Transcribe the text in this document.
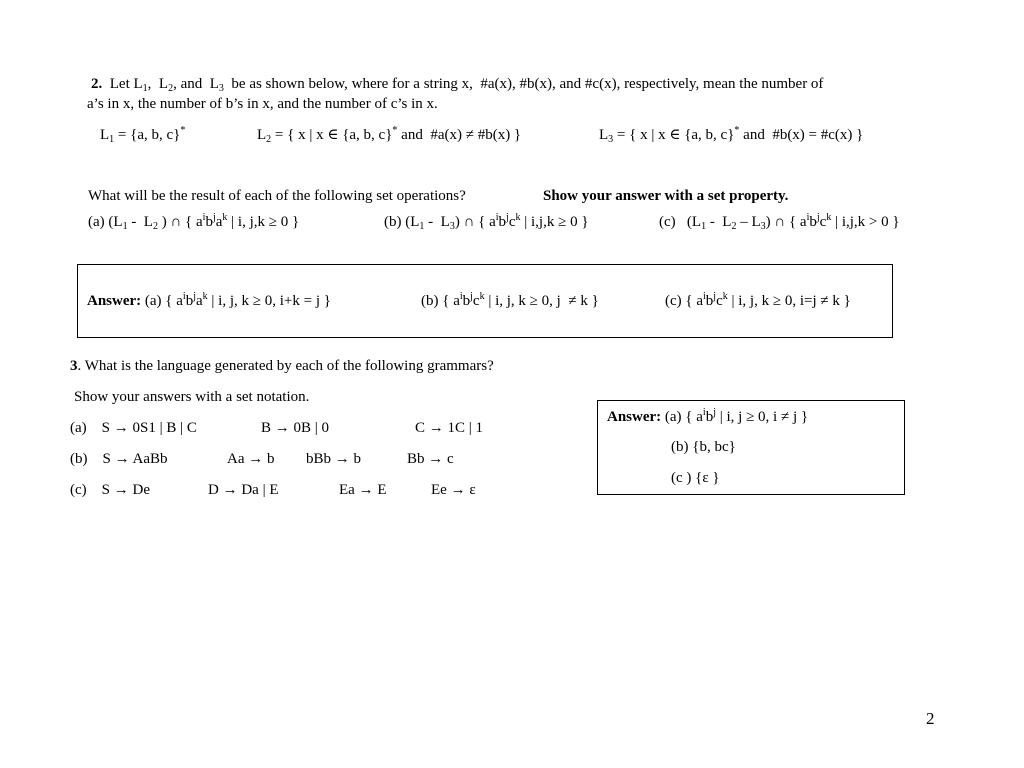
2.  Let $L_1$,  $L_2$, and  $L_3$  be as shown below, where for a string x,  #a(x), #b(x), and #c(x), respectively, mean the number of
a’s in x, the number of b’s in x, and the number of c’s in x.
$L_1 = \{a$, b, c}*	$L_2$ = { x | x ∈ {a, b, c}* and  #a(x) ≠ #b(x) }	$L_3$ = { x | x ∈ {a, b, c}* and  #b(x) = #c(x) }
What will be the result of each of the following set operations?	Show your answer with a set property.
(a) ($L_1 - L_2$ ) ∩ { $a^ib^ja^k$ | i, j,k ≥ 0 }	(b) $(L_1 - L_3)$ ∩ { $a^ib^jc^k$ | i,j,k ≥ 0 }	(c)   $(L_1 - L_2 - L_3)$ ∩ { $a^ib^jc^k$ | i,j,k > 0 }
Answer: (a) { $a^ib^ja^k$ | i, j, k ≥ 0, i+k = j }	(b) { $a^ib^jc^k$ | i, j, k ≥ 0, j  ≠ k }	(c) { $a^ib^jc^k$ | i, j, k ≥ 0, i=j ≠ k }
3. What is the language generated by each of the following grammars?
Show your answers with a set notation.
(a)    S → 0S1 | B | C	B → 0B | 0	C → 1C | 1
(b)    S → AaBb	Aa → b bBb → b	Bb → c
(c)    S → De	D → Da | E	Ea → E	Ee → ε
Answer: (a) { $a^ib^j$ | i, j ≥ 0, i ≠ j }
(b) {b, bc}
(c ) {ε }
2
